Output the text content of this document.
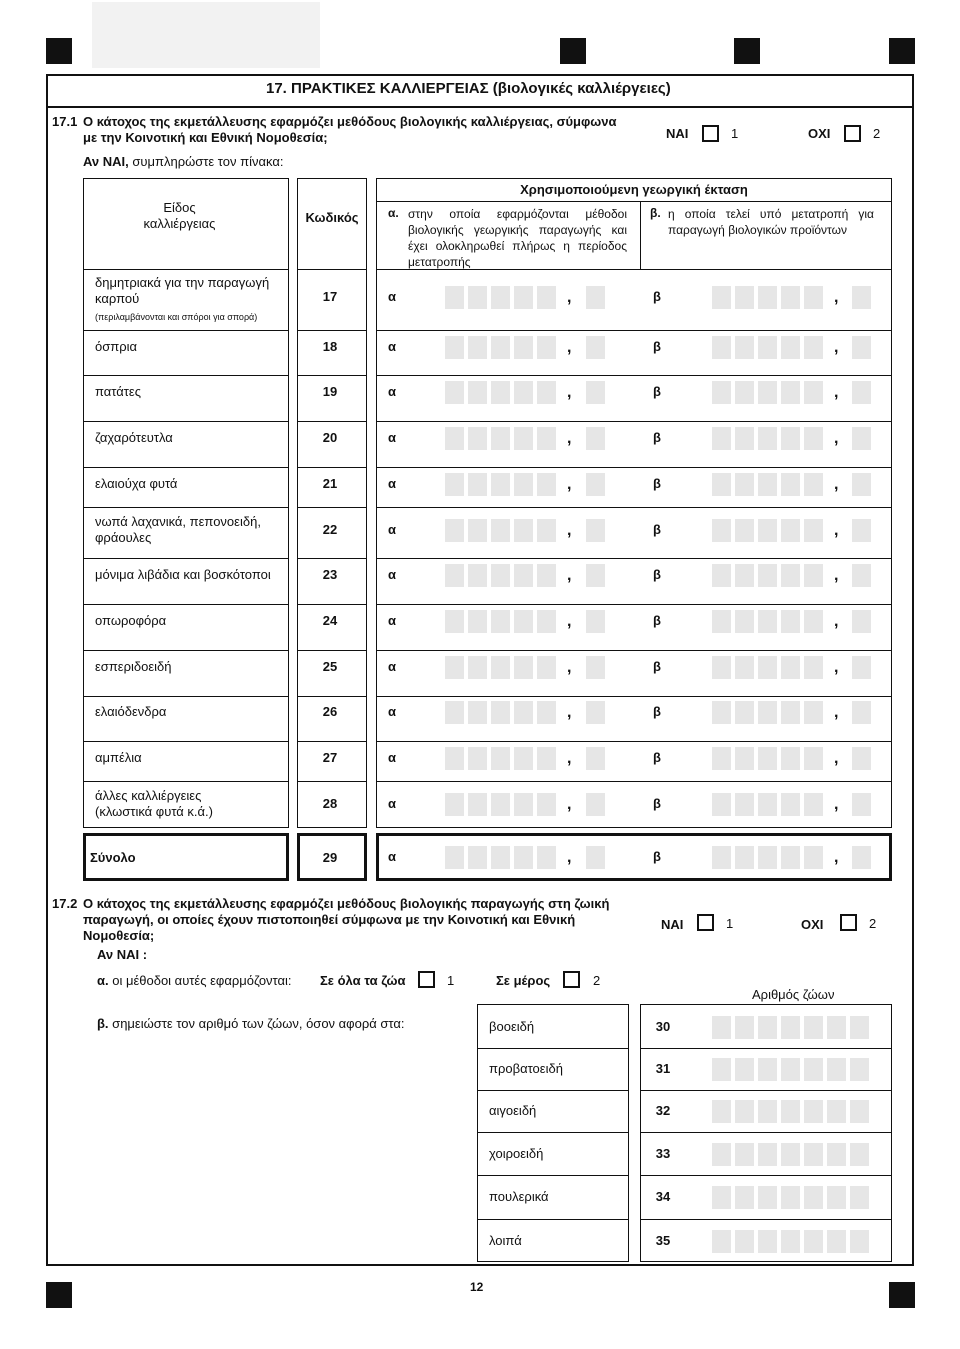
17. ΠΡΑΚΤΙΚΕΣ ΚΑΛΛΙΕΡΓΕΙΑΣ (βιολογικές καλλιέργειες)
17.1 Ο κάτοχος της εκμετάλλευσης εφαρμόζει μεθόδους βιολογικής καλλιέργειας, σύμφωνα
με την Κοινοτική και Εθνική Νομοθεσία;	ΝΑΙ	1	ΟΧΙ	2
Αν ΝΑΙ, συμπληρώστε τον πίνακα:
Είδος
καλλιέργειας	Κωδικός
Χρησιμοποιούμενη γεωργική έκταση
α. στην οποία εφαρμόζονται μέθοδοι βιολογικής γεωργικής παραγωγής και έχει ολοκληρωθεί πλήρως η περίοδος μετατροπής
β. η οποία τελεί υπό μετατροπή για παραγωγή βιολογικών προϊόντων
δημητριακά για την παραγωγή
καρπού
(περιλαμβάνονται και σπόροι για σπορά)
17	α	,	β	,
όσπρια	18	α	,	β	,
πατάτες	19	α	,	β	,
ζαχαρότευτλα	20	α	,	β	,
ελαιούχα φυτά	21	α	,	β	,
νωπά λαχανικά, πεπονοειδή,
φράουλες
22	α	,	β	,
μόνιμα λιβάδια και βοσκότοποι	23	α	,	β	,
οπωροφόρα	24	α	,	β	,
εσπεριδοειδή	25	α	,	β	,
ελαιόδενδρα	26	α	,	β	,
αμπέλια	27	α	,	β	,
άλλες καλλιέργειες
(κλωστικά φυτά κ.ά.)
28	α	,	β	,
Σύνολο	29	α	,	β	,
17.2 Ο κάτοχος της εκμετάλλευσης εφαρμόζει μεθόδους βιολογικής παραγωγής στη ζωική
παραγωγή, οι οποίες έχουν πιστοποιηθεί σύμφωνα με την Κοινοτική και Εθνική
Νομοθεσία;
ΝΑΙ	1	ΟΧΙ	2
Αν ΝΑΙ :
α. οι μέθοδοι αυτές εφαρμόζονται: Σε όλα τα ζώα	1	Σε μέρος	2
Αριθμός ζώων
β. σημειώστε τον αριθμό των ζώων, όσον αφορά στα:	βοοειδή	30
προβατοειδή	31
αιγοειδή	32
χοιροειδή	33
πουλερικά	34
λοιπά	35
12
